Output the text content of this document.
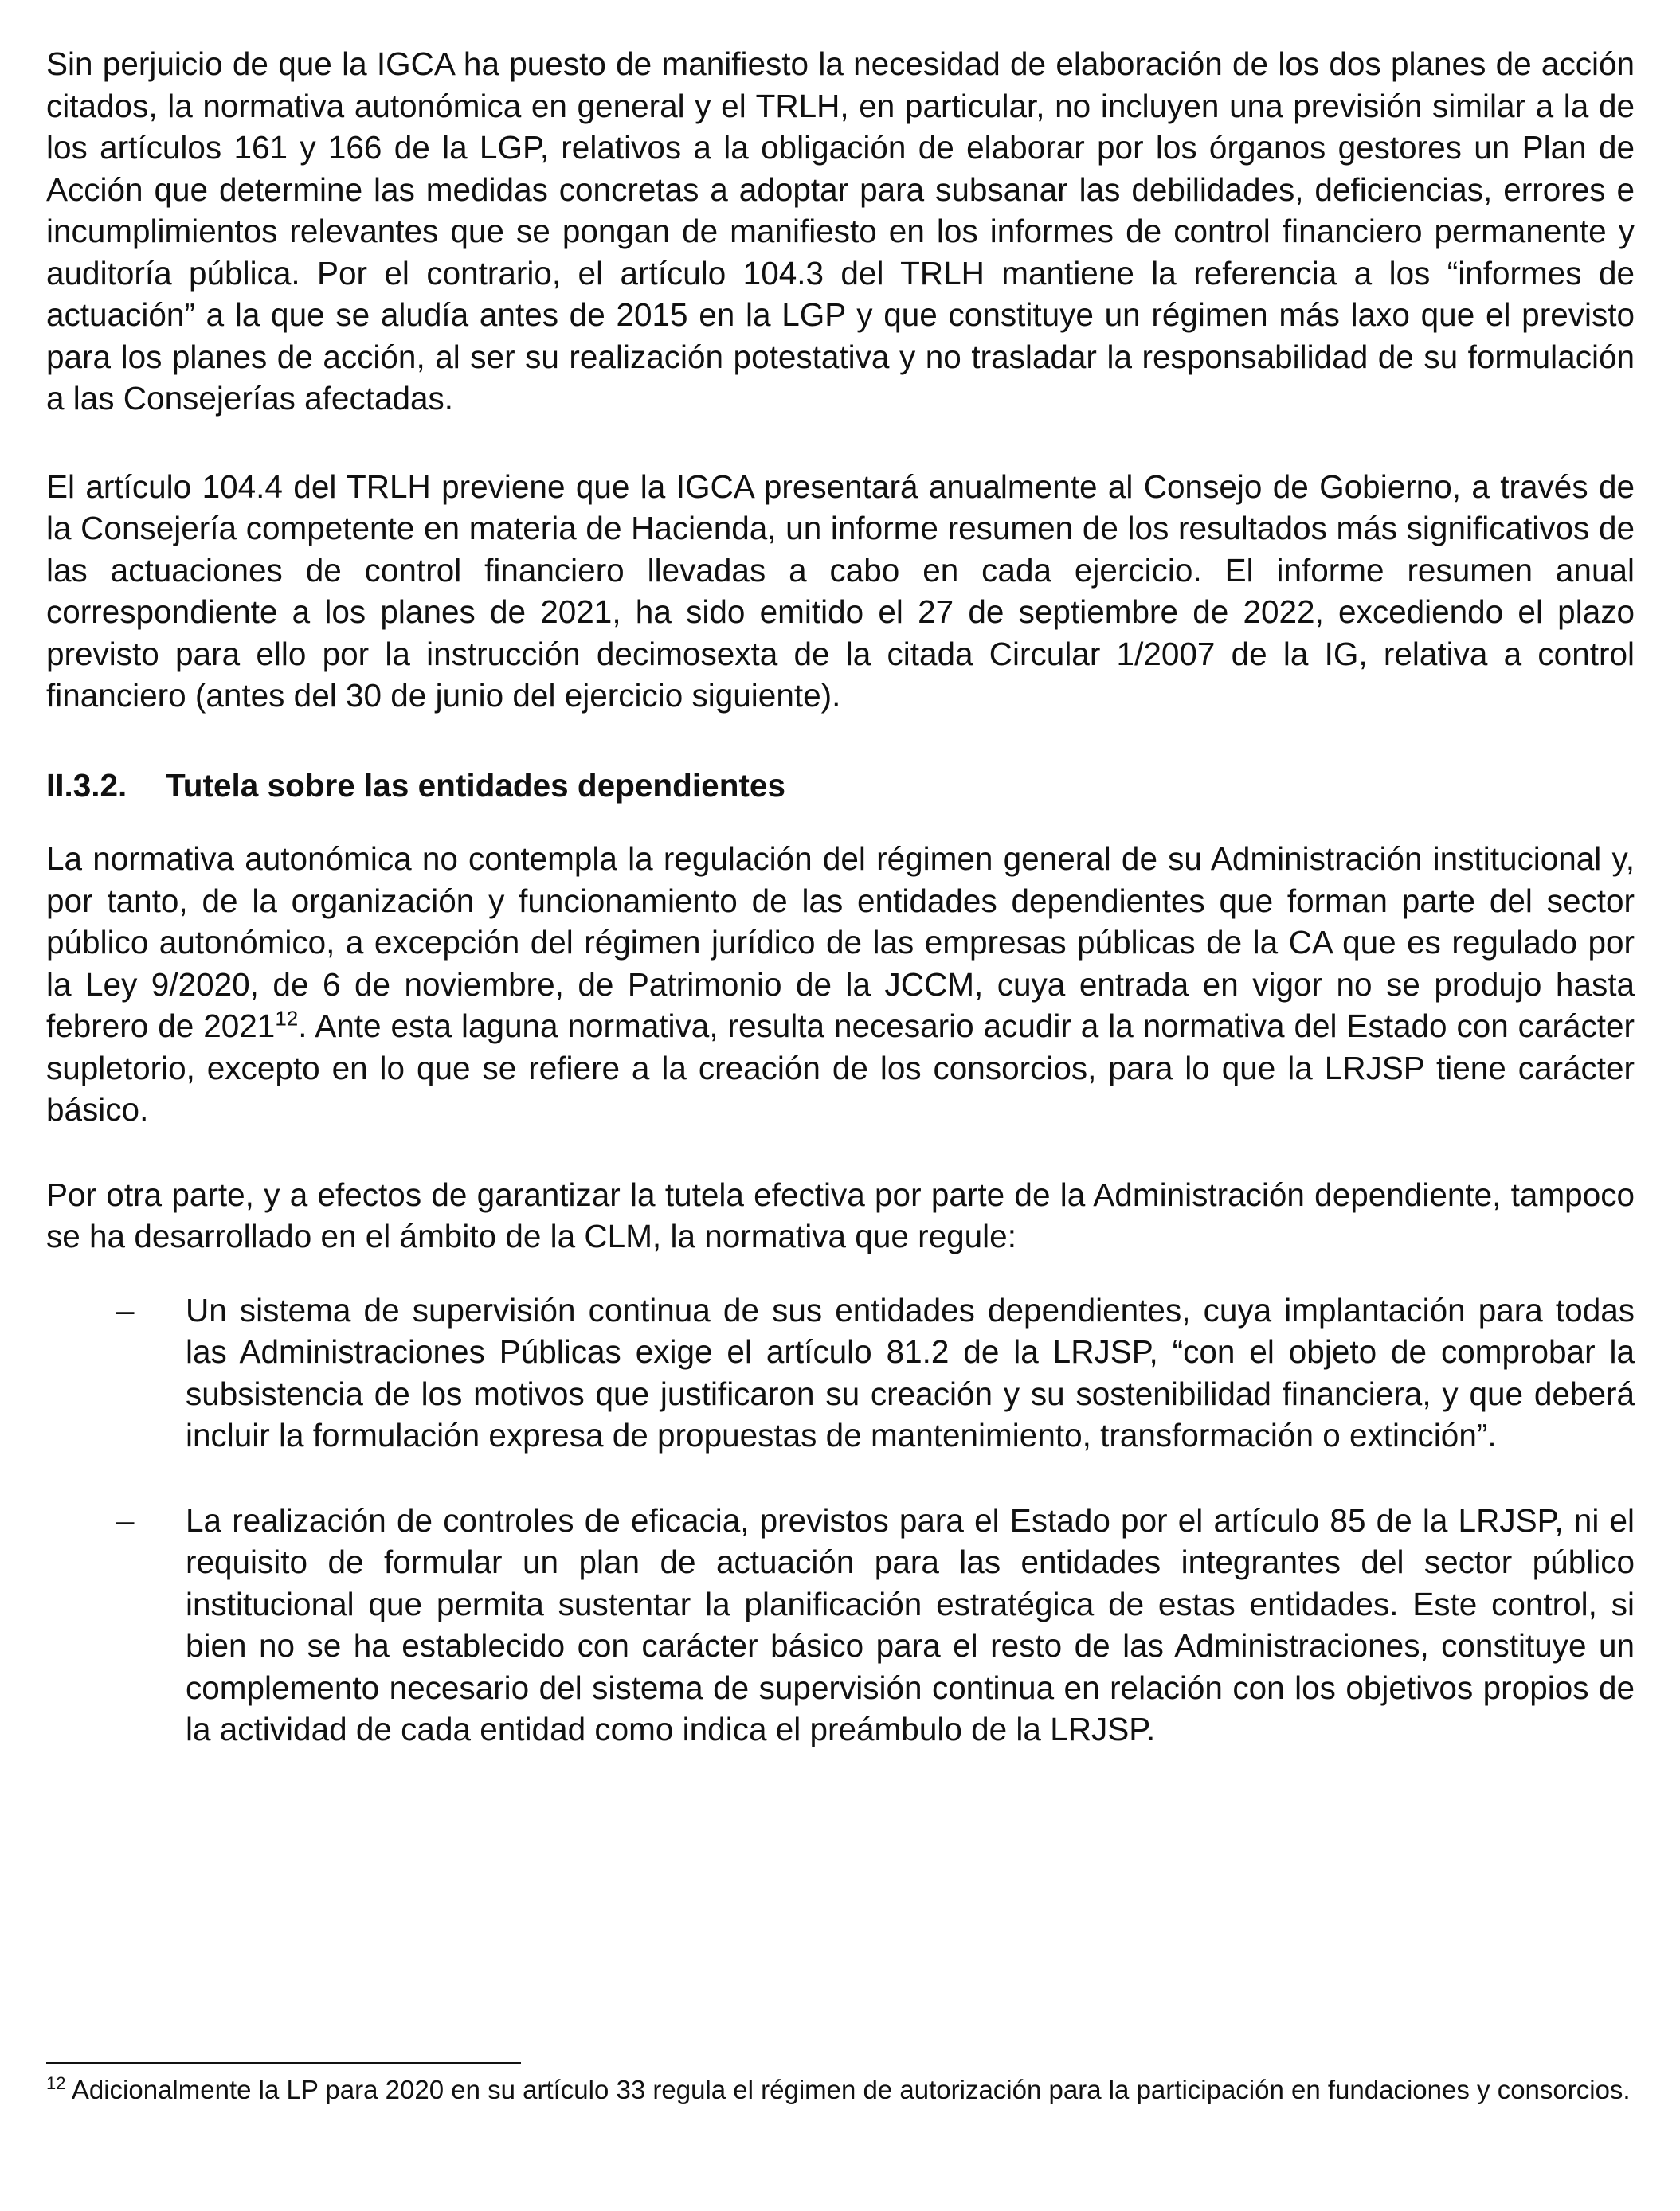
Sin perjuicio de que la IGCA ha puesto de manifiesto la necesidad de elaboración de los dos planes de acción citados, la normativa autonómica en general y el TRLH, en particular, no incluyen una previsión similar a la de los artículos 161 y 166 de la LGP, relativos a la obligación de elaborar por los órganos gestores un Plan de Acción que determine las medidas concretas a adoptar para subsanar las debilidades, deficiencias, errores e incumplimientos relevantes que se pongan de manifiesto en los informes de control financiero permanente y auditoría pública. Por el contrario, el artículo 104.3 del TRLH mantiene la referencia a los “informes de actuación” a la que se aludía antes de 2015 en la LGP y que constituye un régimen más laxo que el previsto para los planes de acción, al ser su realización potestativa y no trasladar la responsabilidad de su formulación a las Consejerías afectadas.

El artículo 104.4 del TRLH previene que la IGCA presentará anualmente al Consejo de Gobierno, a través de la Consejería competente en materia de Hacienda, un informe resumen de los resultados más significativos de las actuaciones de control financiero llevadas a cabo en cada ejercicio. El informe resumen anual correspondiente a los planes de 2021, ha sido emitido el 27 de septiembre de 2022, excediendo el plazo previsto para ello por la instrucción decimosexta de la citada Circular 1/2007 de la IG, relativa a control financiero (antes del 30 de junio del ejercicio siguiente).

II.3.2. Tutela sobre las entidades dependientes

La normativa autonómica no contempla la regulación del régimen general de su Administración institucional y, por tanto, de la organización y funcionamiento de las entidades dependientes que forman parte del sector público autonómico, a excepción del régimen jurídico de las empresas públicas de la CA que es regulado por la Ley 9/2020, de 6 de noviembre, de Patrimonio de la JCCM, cuya entrada en vigor no se produjo hasta febrero de 2021$^{12}$. Ante esta laguna normativa, resulta necesario acudir a la normativa del Estado con carácter supletorio, excepto en lo que se refiere a la creación de los consorcios, para lo que la LRJSP tiene carácter básico.

Por otra parte, y a efectos de garantizar la tutela efectiva por parte de la Administración dependiente, tampoco se ha desarrollado en el ámbito de la CLM, la normativa que regule:

– Un sistema de supervisión continua de sus entidades dependientes, cuya implantación para todas las Administraciones Públicas exige el artículo 81.2 de la LRJSP, “con el objeto de comprobar la subsistencia de los motivos que justificaron su creación y su sostenibilidad financiera, y que deberá incluir la formulación expresa de propuestas de mantenimiento, transformación o extinción”.

– La realización de controles de eficacia, previstos para el Estado por el artículo 85 de la LRJSP, ni el requisito de formular un plan de actuación para las entidades integrantes del sector público institucional que permita sustentar la planificación estratégica de estas entidades. Este control, si bien no se ha establecido con carácter básico para el resto de las Administraciones, constituye un complemento necesario del sistema de supervisión continua en relación con los objetivos propios de la actividad de cada entidad como indica el preámbulo de la LRJSP.

$^{12}$ Adicionalmente la LP para 2020 en su artículo 33 regula el régimen de autorización para la participación en fundaciones y consorcios.
